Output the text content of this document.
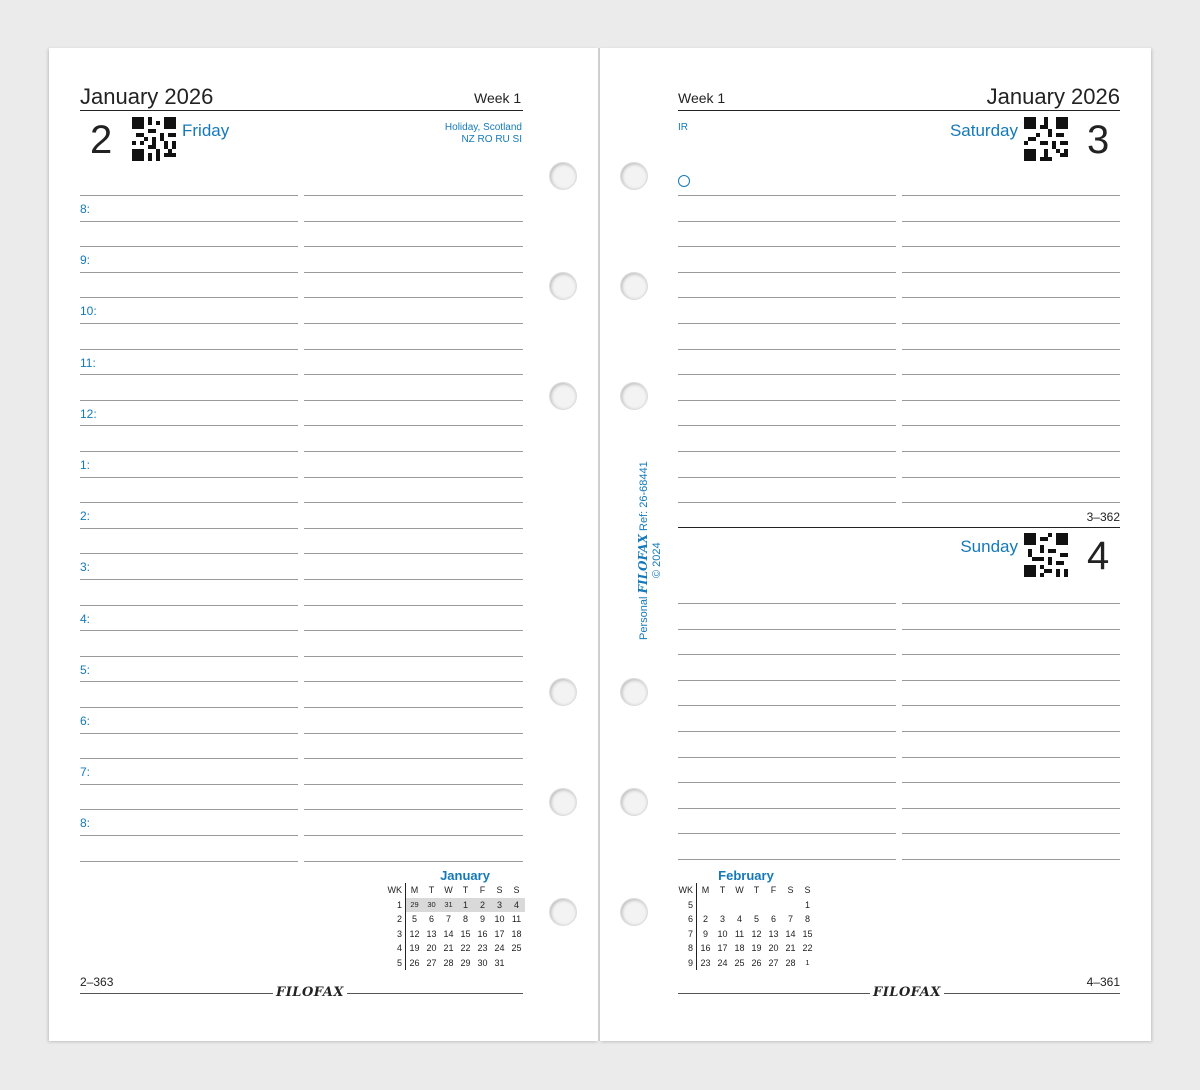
January 2026	Week 1
2	Friday	Holiday, Scotland
NZ RO RU SI
8:
9:
10:
11:
12:
1:
2:
3:
4:
5:
6:
7:
8:
January
WK	M	T	W	T	F	S	S
1	29	30	31	1	2	3	4
2	5	6	7	8	9	10	11
3	12	13	14	15	16	17	18
4	19	20	21	22	23	24	25
5	26	27	28	29	30	31	
2–363
FILOFAX
Week 1	January 2026
IR	Saturday 3
3–362
Sunday 4
February
WK	M	T	W	T	F	S	S
5							1
6	2	3	4	5	6	7	8
7	9	10	11	12	13	14	15
8	16	17	18	19	20	21	22
9	23	24	25	26	27	28	1
4–361
FILOFAX
Personal FILOFAX Ref: 26-68441
© 2024
